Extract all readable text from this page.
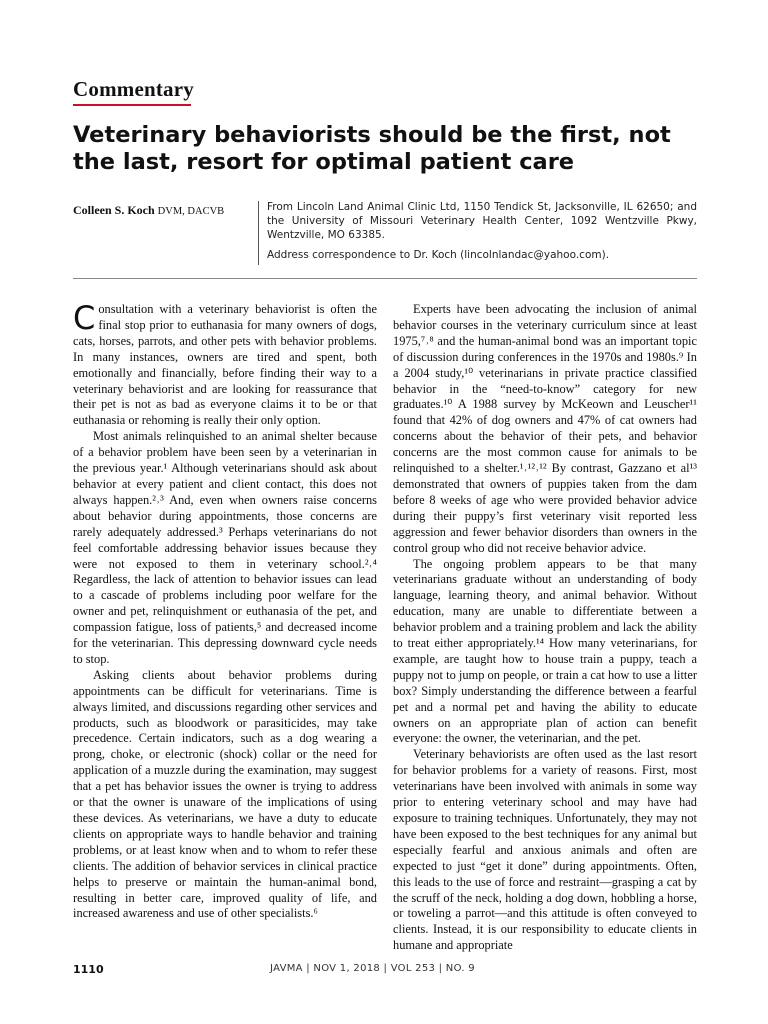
Commentary
Veterinary behaviorists should be the first, not the last, resort for optimal patient care
Colleen S. Koch DVM, DACVB	From Lincoln Land Animal Clinic Ltd, 1150 Tendick St, Jacksonville, IL 62650; and the University of Missouri Veterinary Health Center, 1092 Wentzville Pkwy, Wentzville, MO 63385.
Address correspondence to Dr. Koch (lincolnlandac@yahoo.com).

Consultation with a veterinary behaviorist is often the final stop prior to euthanasia for many owners of dogs, cats, horses, parrots, and other pets with behavior problems. In many instances, owners are tired and spent, both emotionally and financially, before finding their way to a veterinary behaviorist and are looking for reassurance that their pet is not as bad as everyone claims it to be or that euthanasia or rehoming is really their only option.

Most animals relinquished to an animal shelter because of a behavior problem have been seen by a veterinarian in the previous year.¹ Although veterinarians should ask about behavior at every patient and client contact, this does not always happen.²˒³ And, even when owners raise concerns about behavior during appointments, those concerns are rarely adequately addressed.³ Perhaps veterinarians do not feel comfortable addressing behavior issues because they were not exposed to them in veterinary school.²˒⁴ Regardless, the lack of attention to behavior issues can lead to a cascade of problems including poor welfare for the owner and pet, relinquishment or euthanasia of the pet, and compassion fatigue, loss of patients,⁵ and decreased income for the veterinarian. This depressing downward cycle needs to stop.

Asking clients about behavior problems during appointments can be difficult for veterinarians. Time is always limited, and discussions regarding other services and products, such as bloodwork or parasiticides, may take precedence. Certain indicators, such as a dog wearing a prong, choke, or electronic (shock) collar or the need for application of a muzzle during the examination, may suggest that a pet has behavior issues the owner is trying to address or that the owner is unaware of the implications of using these devices. As veterinarians, we have a duty to educate clients on appropriate ways to handle behavior and training problems, or at least know when and to whom to refer these clients. The addition of behavior services in clinical practice helps to preserve or maintain the human-animal bond, resulting in better care, improved quality of life, and increased awareness and use of other specialists.⁶

Experts have been advocating the inclusion of animal behavior courses in the veterinary curriculum since at least 1975,⁷˒⁸ and the human-animal bond was an important topic of discussion during conferences in the 1970s and 1980s.⁹ In a 2004 study,¹⁰ veterinarians in private practice classified behavior in the “need-to-know” category for new graduates.¹⁰ A 1988 survey by McKeown and Leuscher¹¹ found that 42% of dog owners and 47% of cat owners had concerns about the behavior of their pets, and behavior concerns are the most common cause for animals to be relinquished to a shelter.¹˒¹²˒¹² By contrast, Gazzano et al¹³ demonstrated that owners of puppies taken from the dam before 8 weeks of age who were provided behavior advice during their puppy’s first veterinary visit reported less aggression and fewer behavior disorders than owners in the control group who did not receive behavior advice.

The ongoing problem appears to be that many veterinarians graduate without an understanding of body language, learning theory, and animal behavior. Without education, many are unable to differentiate between a behavior problem and a training problem and lack the ability to treat either appropriately.¹⁴ How many veterinarians, for example, are taught how to house train a puppy, teach a puppy not to jump on people, or train a cat how to use a litter box? Simply understanding the difference between a fearful pet and a normal pet and having the ability to educate owners on an appropriate plan of action can benefit everyone: the owner, the veterinarian, and the pet.

Veterinary behaviorists are often used as the last resort for behavior problems for a variety of reasons. First, most veterinarians have been involved with animals in some way prior to entering veterinary school and may have had exposure to training techniques. Unfortunately, they may not have been exposed to the best techniques for any animal but especially fearful and anxious animals and often are expected to just “get it done” during appointments. Often, this leads to the use of force and restraint—grasping a cat by the scruff of the neck, holding a dog down, hobbling a horse, or toweling a parrot—and this attitude is often conveyed to clients. Instead, it is our responsibility to educate clients in humane and appropriate

1110	JAVMA | NOV 1, 2018 | VOL 253 | NO. 9
